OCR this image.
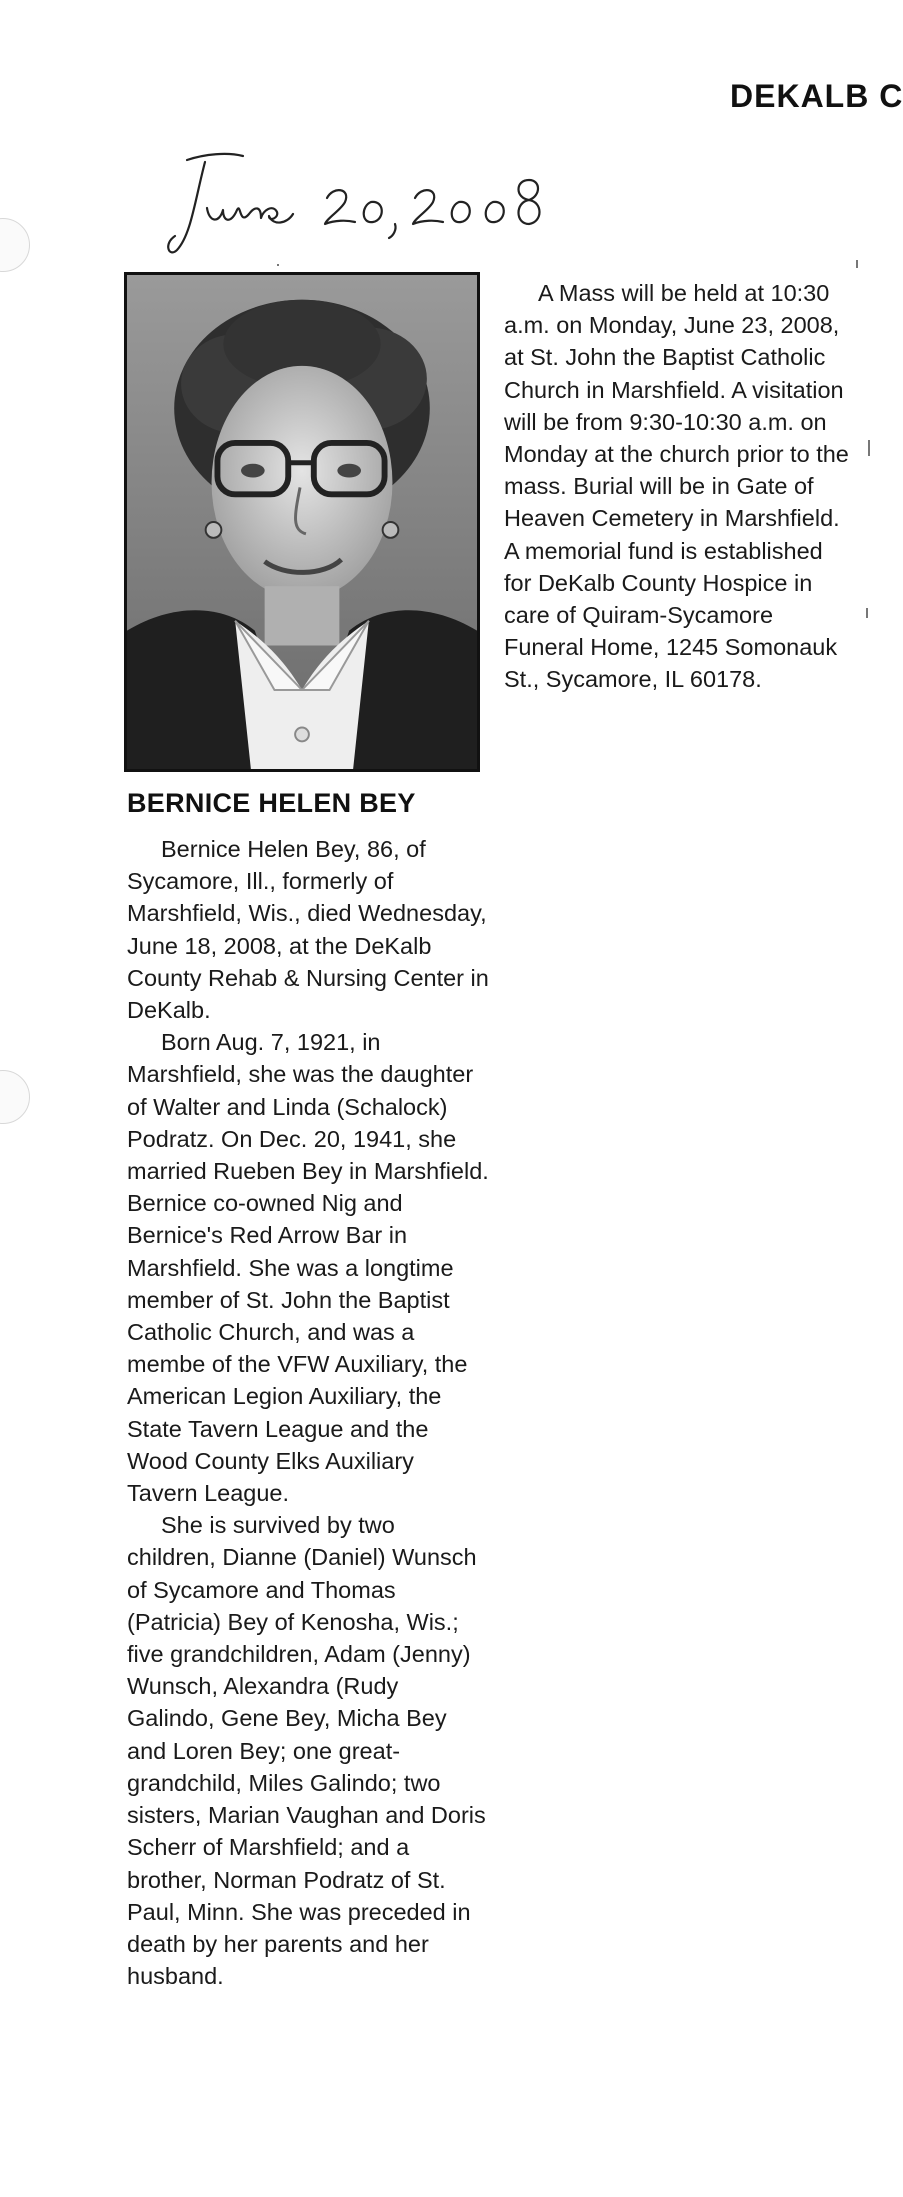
DEKALB C
BERNICE HELEN BEY

Bernice Helen Bey, 86, of Sycamore, Ill., formerly of Marshfield, Wis., died Wednesday, June 18, 2008, at the DeKalb County Rehab & Nursing Center in DeKalb.

Born Aug. 7, 1921, in Marshfield, she was the daughter of Walter and Linda (Schalock) Podratz. On Dec. 20, 1941, she married Rueben Bey in Marshfield. Bernice co-owned Nig and Bernice's Red Arrow Bar in Marshfield. She was a longtime member of St. John the Baptist Catholic Church, and was a membe of the VFW Auxiliary, the American Legion Auxiliary, the State Tavern League and the Wood County Elks Auxiliary Tavern League.

She is survived by two children, Dianne (Daniel) Wunsch of Sycamore and Thomas (Patricia) Bey of Kenosha, Wis.; five grandchildren, Adam (Jenny) Wunsch, Alexandra (Rudy Galindo, Gene Bey, Micha Bey and Loren Bey; one great-grandchild, Miles Galindo; two sisters, Marian Vaughan and Doris Scherr of Marshfield; and a brother, Norman Podratz of St. Paul, Minn. She was preceded in death by her parents and her husband.

A Mass will be held at 10:30 a.m. on Monday, June 23, 2008, at St. John the Baptist Catholic Church in Marshfield. A visitation will be from 9:30-10:30 a.m. on Monday at the church prior to the mass. Burial will be in Gate of Heaven Cemetery in Marshfield. A memorial fund is established for DeKalb County Hospice in care of Quiram-Sycamore Funeral Home, 1245 Somonauk St., Sycamore, IL 60178.
